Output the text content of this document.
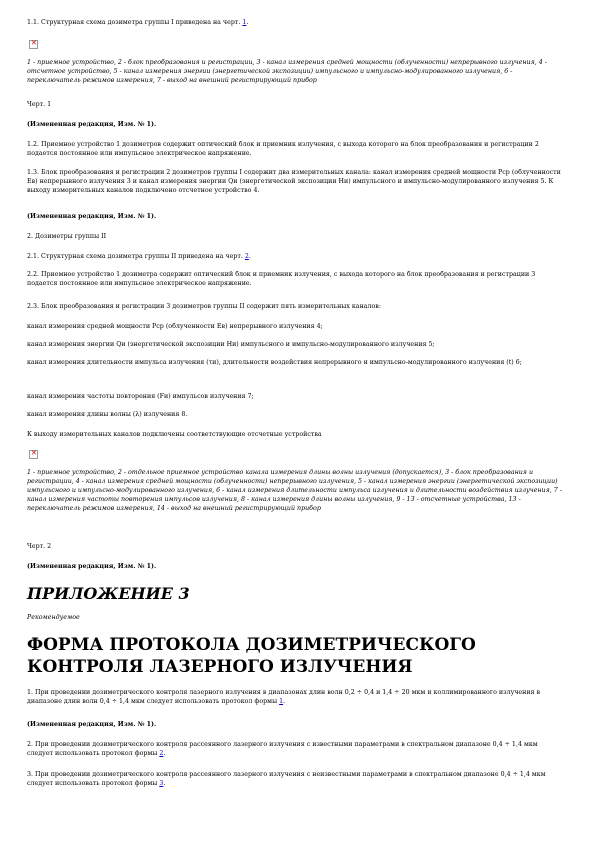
1.1. Структурная схема дозиметра группы I приведена на черт. 1.

✕

1 - приемное устройство, 2 - блок преобразования и регистрации, 3 - канал измерения средней мощности (облученности) непрерывного излучения, 4 - отсчетное устройство, 5 - канал измерения энергии (энергетической экспозиции) импульсного и импульсно-модулированного излучения, 6 - переключатель режимов измерения, 7 - выход на внешний регистрирующий прибор

Черт. 1

(Измененная редакция, Изм. № 1).

1.2. Приемное устройство 1 дозиметров содержит оптический блок и приемник излучения, с выхода которого на блок преобразования и регистрации 2 подается постоянное или импульсное электрическое напряжение.

1.3. Блок преобразования и регистрации 2 дозиметров группы I содержит два измерительных канала: канал измерения средней мощности Pср (облученности Eв) непрерывного излучения 3 и канал измерения энергии Qи (энергетической экспозиции Hи) импульсного и импульсно-модулированного излучения 5. К выходу измерительных каналов подключено отсчетное устройство 4.

(Измененная редакция, Изм. № 1).

2. Дозиметры группы II

2.1. Структурная схема дозиметра группы II приведена на черт. 2.

2.2. Приемное устройство 1 дозиметра содержит оптический блок и приемник излучения, с выхода которого на блок преобразования и регистрации 3 подается постоянное или импульсное электрическое напряжение.

2.3. Блок преобразования и регистрации 3 дозиметров группы II содержит пять измерительных каналов:

канал измерения средней мощности Pср (облученности Eв) непрерывного излучения 4;

канал измерения энергии Qи (энергетической экспозиции Hи) импульсного и импульсно-модулированного излучения 5;

канал измерения длительности импульса излучения (τи), длительности воздействия непрерывного и импульсно-модулированного излучения (t) 6;

канал измерения частоты повторения (Fи) импульсов излучения 7;

канал измерения длины волны (λ) излучения 8.

К выходу измерительных каналов подключены соответствующие отсчетные устройства

✕

1 - приемное устройство, 2 - отдельное приемное устройство канала измерения длины волны излучения (допускается), 3 - блок преобразования и регистрации, 4 - канал измерения средней мощности (облученности) непрерывного излучения, 5 - канал измерения энергии (энергетической экспозиции) импульсного и импульсно-модулированного излучения, 6 - канал измерения длительности импульса излучения и длительности воздействия излучения, 7 - канал измерения частоты повторения импульсов излучения, 8 - канал измерения длины волны излучения, 9 - 13 - отсчетные устройства, 13 - переключатель режимов измерения, 14 - выход на внешний регистрирующий прибор

Черт. 2

(Измененная редакция, Изм. № 1).

ПРИЛОЖЕНИЕ 3
Рекомендуемое
ФОРМА ПРОТОКОЛА ДОЗИМЕТРИЧЕСКОГО КОНТРОЛЯ ЛАЗЕРНОГО ИЗЛУЧЕНИЯ

1. При проведении дозиметрического контроля лазерного излучения в диапазонах длин волн 0,2 ÷ 0,4 и 1,4 ÷ 20 мкм и коллимированного излучения в диапазоне длин волн 0,4 ÷ 1,4 мкм следует использовать протокол формы 1.

(Измененная редакция, Изм. № 1).

2. При проведении дозиметрического контроля рассеянного лазерного излучения с известными параметрами в спектральном диапазоне 0,4 ÷ 1,4 мкм следует использовать протокол формы 2.

3. При проведении дозиметрического контроля рассеянного лазерного излучения с неизвестными параметрами в спектральном диапазоне 0,4 ÷ 1,4 мкм следует использовать протокол формы 3.
